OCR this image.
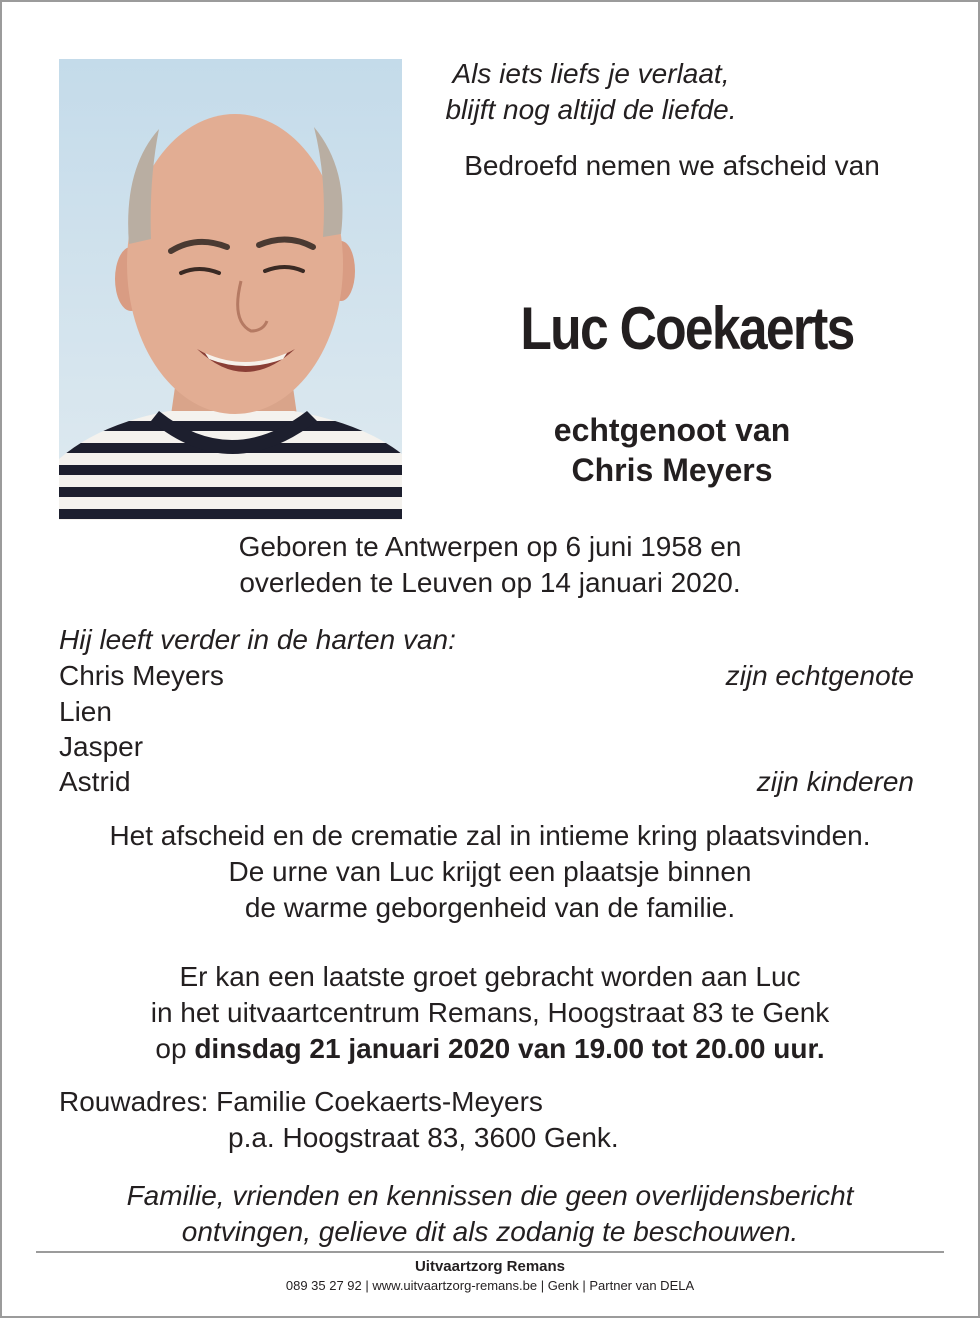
Als iets liefs je verlaat,
blijft nog altijd de liefde.
Bedroefd nemen we afscheid van
Luc Coekaerts
echtgenoot van
Chris Meyers
Geboren te Antwerpen op 6 juni 1958 en
overleden te Leuven op 14 januari 2020.
Hij leeft verder in de harten van:
Chris Meyers	zijn echtgenote
Lien
Jasper
Astrid	zijn kinderen
Het afscheid en de crematie zal in intieme kring plaatsvinden.
De urne van Luc krijgt een plaatsje binnen
de warme geborgenheid van de familie.
Er kan een laatste groet gebracht worden aan Luc
in het uitvaartcentrum Remans, Hoogstraat 83 te Genk
op dinsdag 21 januari 2020 van 19.00 tot 20.00 uur.
Rouwadres: Familie Coekaerts-Meyers
p.a. Hoogstraat 83, 3600 Genk.
Familie, vrienden en kennissen die geen overlijdensbericht
ontvingen, gelieve dit als zodanig te beschouwen.
Uitvaartzorg Remans
089 35 27 92 | www.uitvaartzorg-remans.be | Genk | Partner van DELA
